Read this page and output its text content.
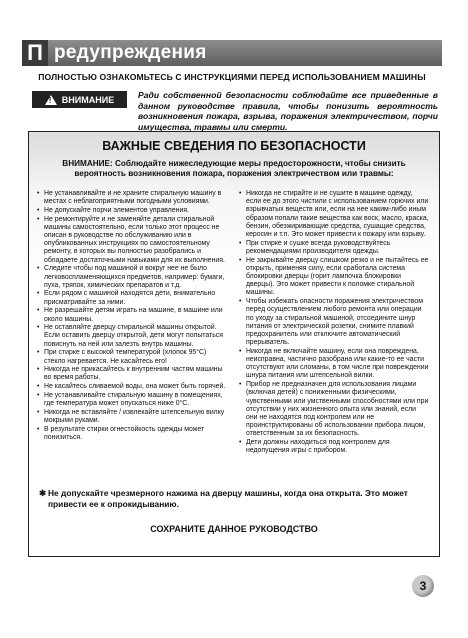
П редупреждения
ПОЛНОСТЬЮ ОЗНАКОМЬТЕСЬ С ИНСТРУКЦИЯМИ ПЕРЕД ИСПОЛЬЗОВАНИЕМ МАШИНЫ
!
ВНИМАНИЕ	Ради собственной безопасности соблюдайте все приведенные в данном руководстве правила, чтобы понизить вероятность возникновения пожара, взрыва, поражения электричеством, порчи имущества, травмы или смерти.
ВАЖНЫЕ СВЕДЕНИЯ ПО БЕЗОПАСНОСТИ
ВНИМАНИЕ: Соблюдайте нижеследующие меры предосторожности, чтобы снизить вероятность возникновения пожара, поражения электричеством или травмы:
• Не устанавливайте и не храните стиральную машину в местах с неблагоприятными погодными условиями.
• Не допускайте порчи элементов управления.
• Не ремонтируйте и не заменяйте детали стиральной машины самостоятельно, если только этот процесс не описан в руководстве по обслуживанию или в опубликованных инструкциях по самостоятельному ремонту, в которых вы полностью разобрались и обладаете достаточными навыками для их выполнения.
• Следите чтобы под машиной и вокруг нее не было легковоспламеняющихся предметов, например: бумаги, пуха, тряпок, химических препаратов и т.д.
• Если рядом с машиной находятся дети, внимательно присматривайте за ними.
• Не разрешайте детям играть на машине, в машине или около машины.
• Не оставляйте дверцу стиральной машины открытой. Если оставить дверцу открытой, дети могут попытаться повиснуть на ней или залезть внутрь машины.
• При стирке с высокой температурой (хлопок 95°С) стекло нагревается. Не касайтесь его!
• Никогда не прикасайтесь к внутренним частям машины во время работы.
• Не касайтесь сливаемой воды, она может быть горячей.
• Не устанавливайте стиральную машину в помещениях, где температура может опускаться ниже 0°С.
• Никогда не вставляйте / извлекайте штепсельную вилку мокрыми руками.
• В результате стирки огнестойкость одежды может понизиться.
• Никогда не стирайте и не сушите в машине одежду, если ее до этого чистили с использованием горючих или взрывчатых веществ или, если на нее каким-либо иным образом попали такие вещества как воск, масло, краска, бензин, обезжиривающие средства, сушащие средства, керосин и т.п. Это может привести к пожару или взрыву.
• При стирке и сушке всегда руководствуйтесь рекомендациями производителя одежды.
• Не закрывайте дверцу слишком резко и не пытайтесь ее открыть, применяя силу, если сработала система блокировки дверцы (горит лампочка блокировки дверцы). Это может привести к поломке стиральной машины.
• Чтобы избежать опасности поражения электричеством перед осуществлением любого ремонта или операции по уходу за стиральной машиной, отсоедините шнур питания от электрической розетки, снимите плавкий предохранитель или отключите автоматический прерыватель.
• Никогда не включайте машину, если она повреждена, неисправна, частично разобрана или какие-то ее части отсутствуют или сломаны, в том числе при повреждении шнура питания или штепсельной вилки.
• Прибор не предназначен для использования лицами (включая детей) с пониженными физическими, чувственными или умственными способностями или при отсутствии у них жизненного опыта или знаний, если они не находятся под контролем или не проинструктированы об использовании прибора лицом, ответственным за их безопасность.
• Дети должны находиться под контролем для недопущения игры с прибором.
✱ Не допускайте чрезмерного нажима на дверцу машины, когда она открыта. Это может привести ее к опрокидыванию.
СОХРАНИТЕ ДАННОЕ РУКОВОДСТВО
3
